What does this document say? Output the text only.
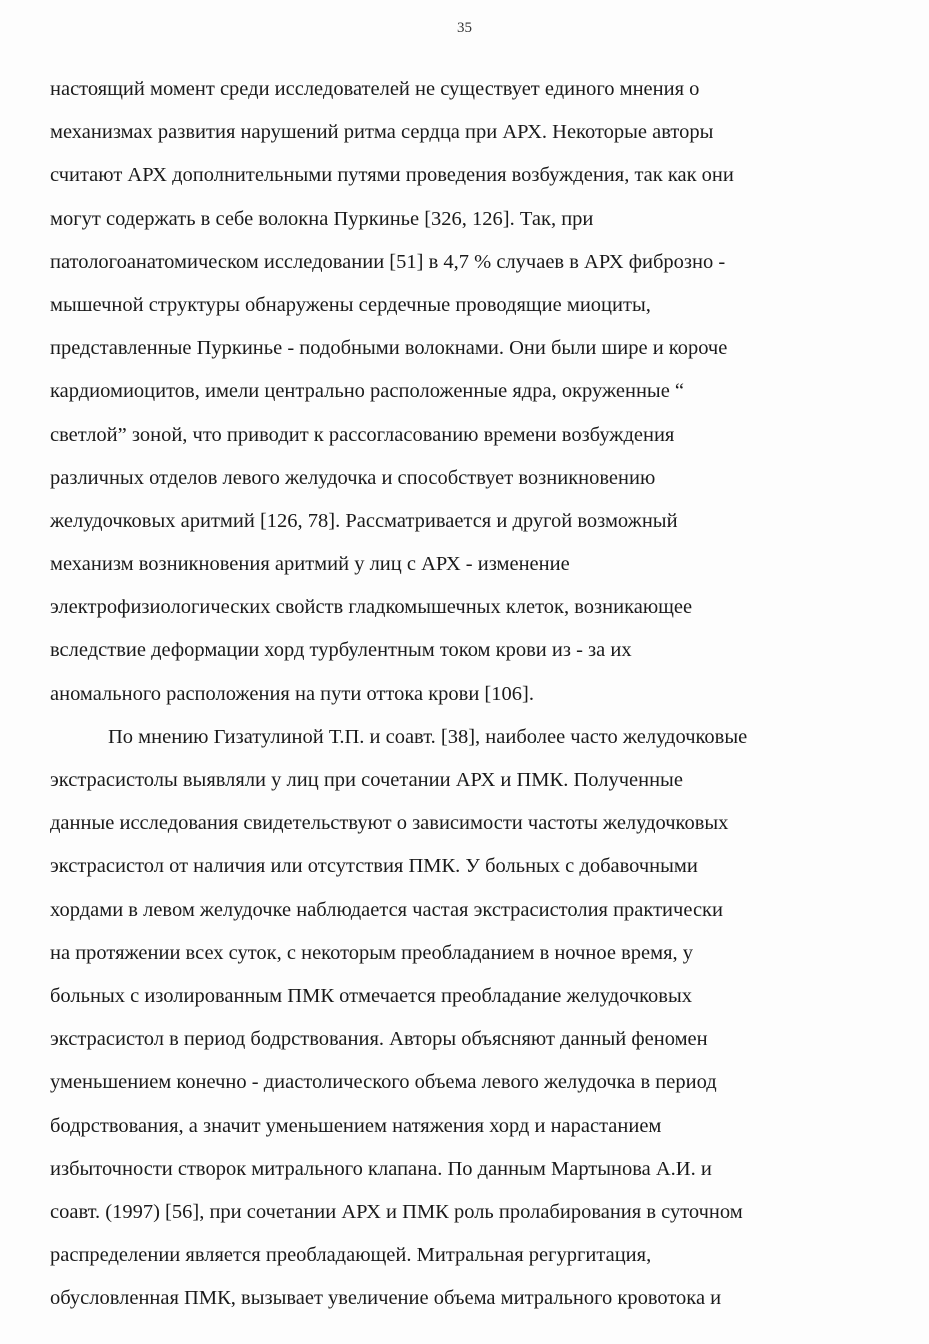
35
настоящий момент среди исследователей не существует единого мнения о
механизмах развития нарушений ритма сердца при АРХ. Некоторые авторы
считают АРХ дополнительными путями проведения возбуждения, так как они
могут содержать в себе волокна Пуркинье [326, 126]. Так, при
патологоанатомическом исследовании [51] в 4,7 % случаев в АРХ фиброзно -
мышечной структуры обнаружены сердечные проводящие миоциты,
представленные Пуркинье - подобными волокнами. Они были шире и короче
кардиомиоцитов, имели центрально расположенные ядра, окруженные “
светлой” зоной, что приводит к рассогласованию времени возбуждения
различных отделов левого желудочка и способствует возникновению
желудочковых аритмий [126, 78]. Рассматривается и другой возможный
механизм возникновения аритмий у лиц с АРХ - изменение
электрофизиологических свойств гладкомышечных клеток, возникающее
вследствие деформации хорд турбулентным током крови из - за их
аномального расположения на пути оттока крови [106].
По мнению Гизатулиной Т.П. и соавт. [38], наиболее часто желудочковые
экстрасистолы выявляли у лиц при сочетании АРХ и ПМК. Полученные
данные исследования свидетельствуют о зависимости частоты желудочковых
экстрасистол от наличия или отсутствия ПМК. У больных с добавочными
хордами в левом желудочке наблюдается частая экстрасистолия практически
на протяжении всех суток, с некоторым преобладанием в ночное время, у
больных с изолированным ПМК отмечается преобладание желудочковых
экстрасистол в период бодрствования. Авторы объясняют данный феномен
уменьшением конечно - диастолического объема левого желудочка в период
бодрствования, а значит уменьшением натяжения хорд и нарастанием
избыточности створок митрального клапана. По данным Мартынова А.И. и
соавт. (1997) [56], при сочетании АРХ и ПМК роль пролабирования в суточном
распределении является преобладающей. Митральная регургитация,
обусловленная ПМК, вызывает увеличение объема митрального кровотока и
